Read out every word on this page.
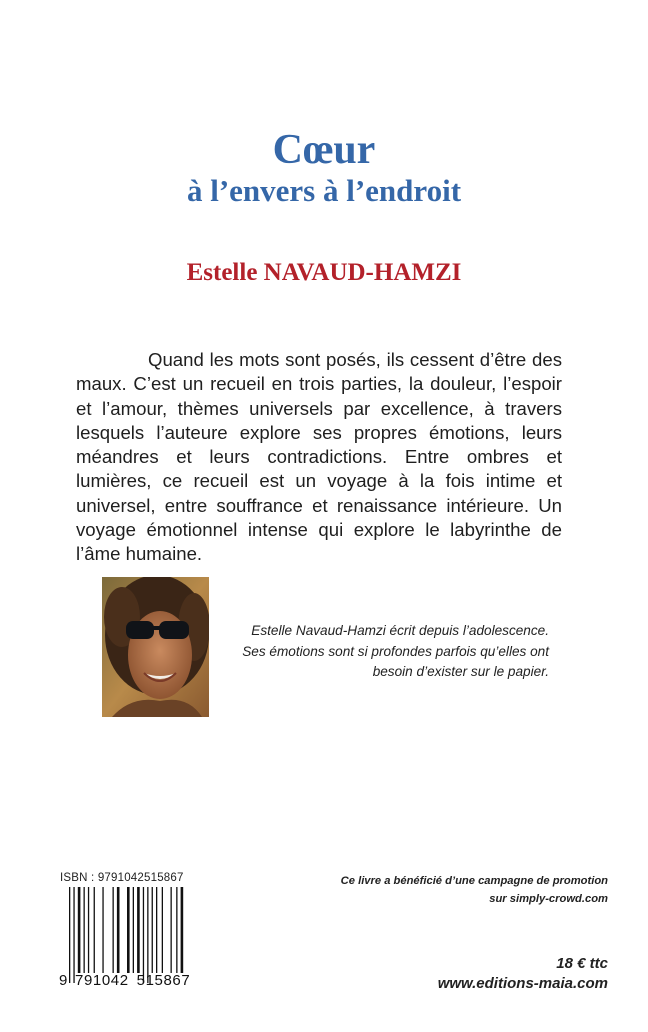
Cœur
à l’envers à l’endroit
Estelle NAVAUD-HAMZI
Quand les mots sont posés, ils cessent d’être des maux. C’est un recueil en trois parties, la douleur, l’espoir et l’amour, thèmes universels par excellence, à travers lesquels l’auteure explore ses propres émotions, leurs méandres et leurs contradictions. Entre ombres et lumières, ce recueil est un voyage à la fois intime et universel, entre souffrance et renaissance intérieure. Un voyage émotionnel intense qui explore le labyrinthe de l’âme humaine.
Estelle Navaud-Hamzi écrit depuis l’adolescence.
Ses émotions sont si profondes parfois qu’elles ont
besoin d’exister sur le papier.
ISBN : 9791042515867
9 791042 515867
Ce livre a bénéficié d’une campagne de promotion
sur simply-crowd.com
18 € ttc
www.editions-maia.com
